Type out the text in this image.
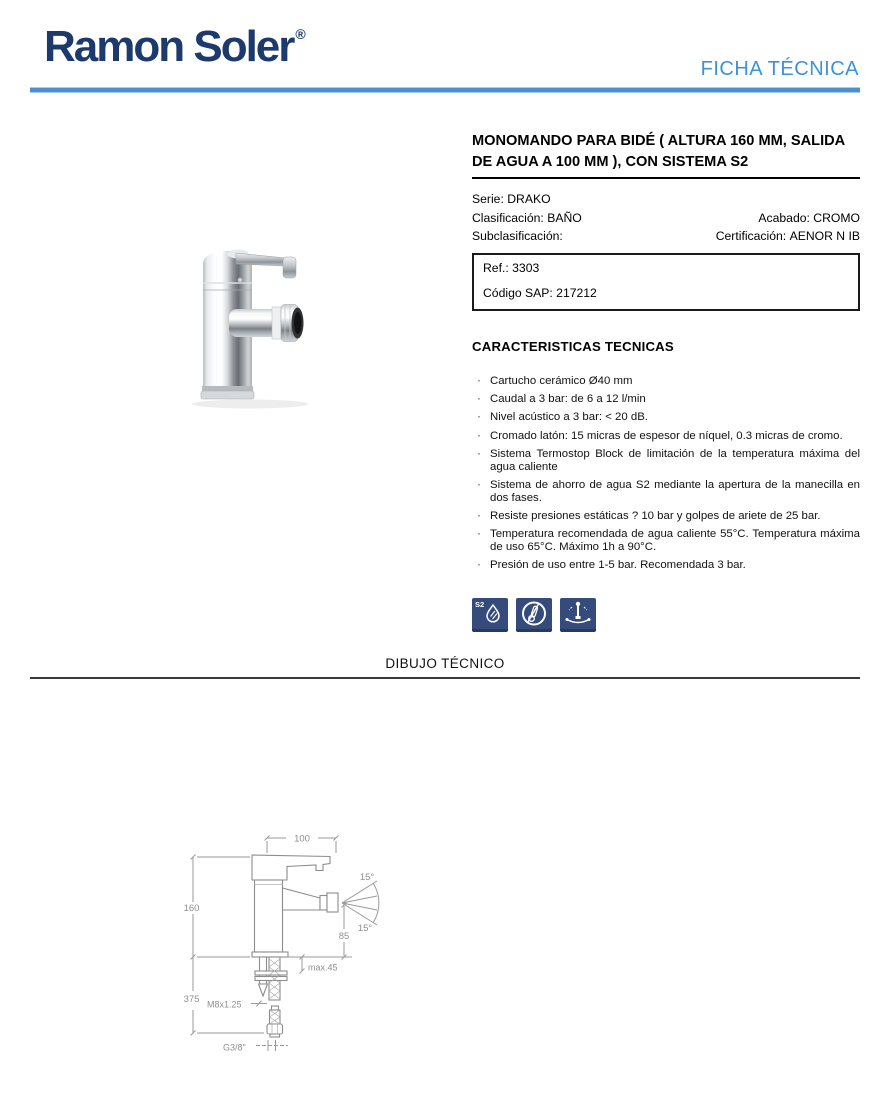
Ramon Soler ®
FICHA TÉCNICA
MONOMANDO PARA BIDÉ ( ALTURA 160 MM, SALIDA DE AGUA A 100 MM ), CON SISTEMA S2
Serie: DRAKO
Clasificación: BAÑO	Acabado: CROMO
Subclasificación:	Certificación: AENOR N IB
Ref.: 3303
Código SAP: 217212
CARACTERISTICAS TECNICAS
· Cartucho cerámico Ø40 mm
· Caudal a 3 bar: de 6 a 12 l/min
· Nivel acústico a 3 bar: < 20 dB.
· Cromado latón: 15 micras de espesor de níquel, 0.3 micras de cromo.
· Sistema Termostop Block de limitación de la temperatura máxima del agua caliente
· Sistema de ahorro de agua S2 mediante la apertura de la manecilla en dos fases.
· Resiste presiones estáticas ? 10 bar y golpes de ariete de 25 bar.
· Temperatura recomendada de agua caliente 55°C. Temperatura máxima de uso 65°C. Máximo 1h a 90°C.
· Presión de uso entre 1-5 bar. Recomendada 3 bar.
S2
DIBUJO TÉCNICO
100
160
15°
15°
85
max.45
375 M8x1.25
G3/8"
